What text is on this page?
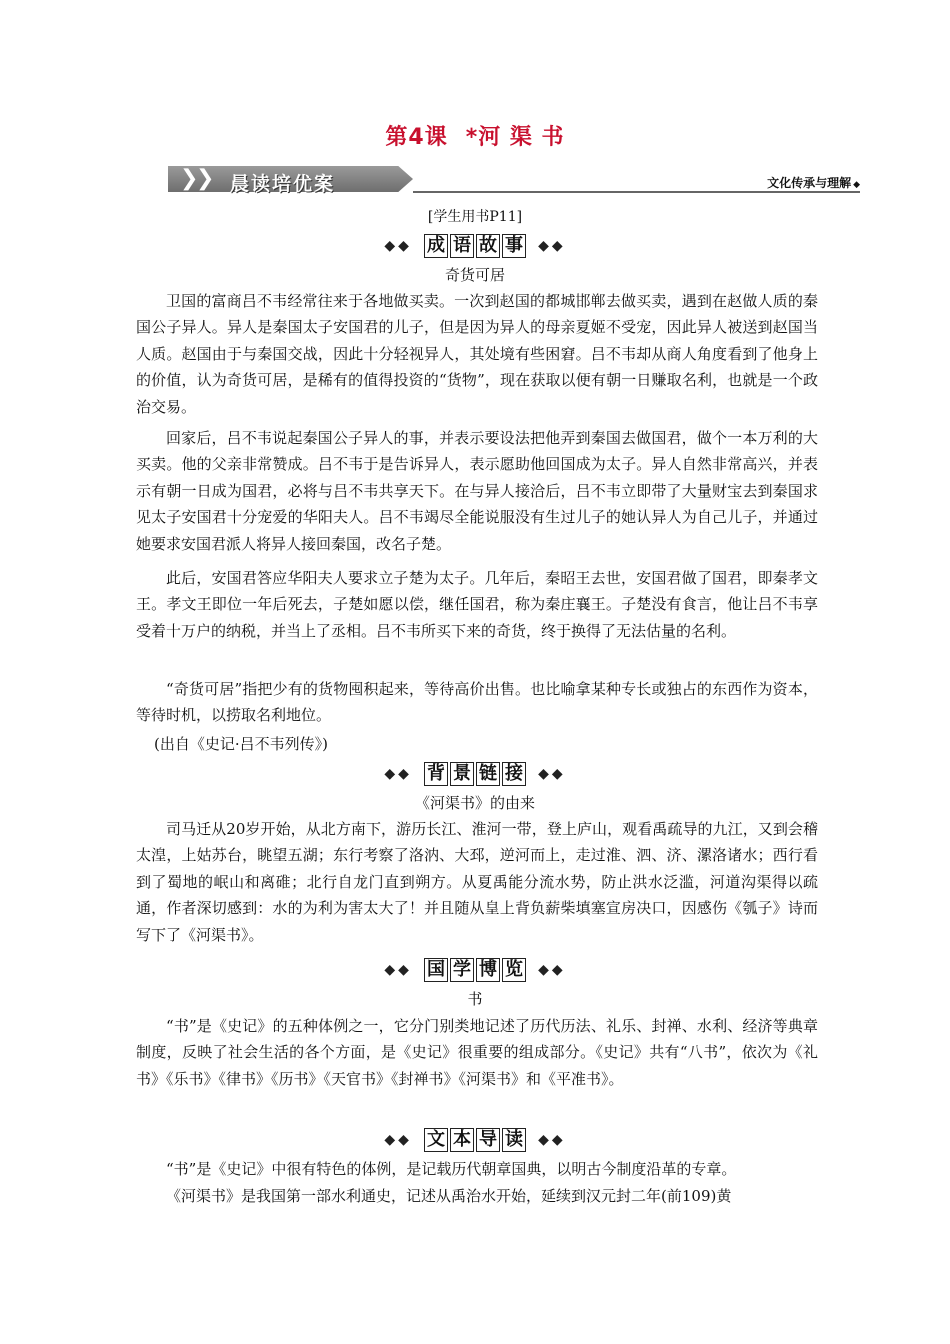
第4课 *河 渠 书
❯
❯ 晨读培优案	文化传承与理解 ◆
[学生用书P11]
◆◆ 成 语 故 事 ◆◆
奇货可居

卫国的富商吕不韦经常往来于各地做买卖。一次到赵国的都城邯郸去做买卖，遇到在赵做人质的秦国公子异人。异人是秦国太子安国君的儿子，但是因为异人的母亲夏姬不受宠，因此异人被送到赵国当人质。赵国由于与秦国交战，因此十分轻视异人，其处境有些困窘。吕不韦却从商人角度看到了他身上的价值，认为奇货可居，是稀有的值得投资的“货物”，现在获取以便有朝一日赚取名利，也就是一个政治交易。

回家后，吕不韦说起秦国公子异人的事，并表示要设法把他弄到秦国去做国君，做个一本万利的大买卖。他的父亲非常赞成。吕不韦于是告诉异人，表示愿助他回国成为太子。异人自然非常高兴，并表示有朝一日成为国君，必将与吕不韦共享天下。在与异人接洽后，吕不韦立即带了大量财宝去到秦国求见太子安国君十分宠爱的华阳夫人。吕不韦竭尽全能说服没有生过儿子的她认异人为自己儿子，并通过她要求安国君派人将异人接回秦国，改名子楚。

此后，安国君答应华阳夫人要求立子楚为太子。几年后，秦昭王去世，安国君做了国君，即秦孝文王。孝文王即位一年后死去，子楚如愿以偿，继任国君，称为秦庄襄王。子楚没有食言，他让吕不韦享受着十万户的纳税，并当上了丞相。吕不韦所买下来的奇货，终于换得了无法估量的名利。

“奇货可居”指把少有的货物囤积起来，等待高价出售。也比喻拿某种专长或独占的东西作为资本，等待时机，以捞取名利地位。

(出自《史记·吕不韦列传》)

◆◆ 背 景 链 接 ◆◆
《河渠书》的由来

司马迁从20岁开始，从北方南下，游历长江、淮河一带，登上庐山，观看禹疏导的九江，又到会稽太湟，上姑苏台，眺望五湖；东行考察了洛汭、大邳，逆河而上，走过淮、泗、济、漯洛诸水；西行看到了蜀地的岷山和离碓；北行自龙门直到朔方。从夏禹能分流水势，防止洪水泛滥，河道沟渠得以疏通，作者深切感到：水的为利为害太大了！并且随从皇上背负薪柴填塞宣房决口，因感伤《瓠子》诗而写下了《河渠书》。

◆◆ 国 学 博 览 ◆◆
书

“书”是《史记》的五种体例之一，它分门别类地记述了历代历法、礼乐、封禅、水利、经济等典章制度，反映了社会生活的各个方面，是《史记》很重要的组成部分。《史记》共有“八书”，依次为《礼书》《乐书》《律书》《历书》《天官书》《封禅书》《河渠书》和《平准书》。

◆◆ 文 本 导 读 ◆◆

“书”是《史记》中很有特色的体例，是记载历代朝章国典，以明古今制度沿革的专章。

《河渠书》是我国第一部水利通史，记述从禹治水开始，延续到汉元封二年(前109)黄
